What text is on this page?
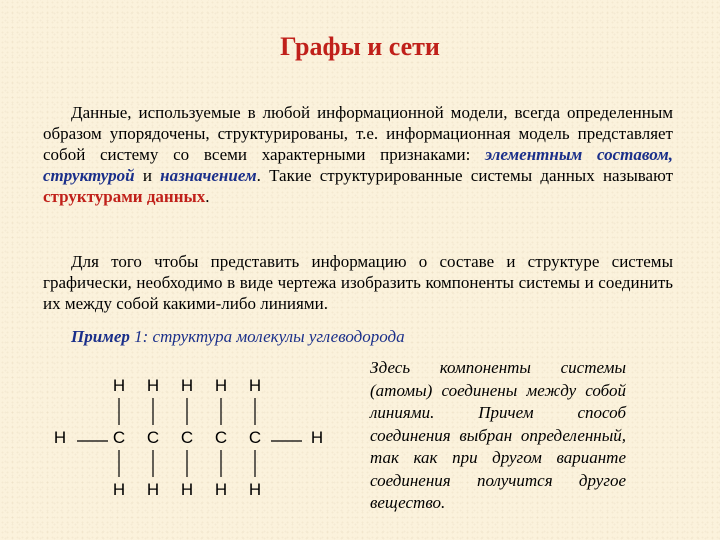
Графы и сети

Данные, используемые в любой информационной модели, всегда определенным образом упорядочены, структурированы, т.е. информационная модель представляет собой систему со всеми характерными признаками: элементным составом, структурой и назначением. Такие структурированные системы данных называют структурами данных.

Для того чтобы представить информацию о составе и структуре системы графически, необходимо в виде чертежа изобразить компоненты системы и соединить их между собой какими-либо линиями.

Пример 1: структура молекулы углеводорода
H H H H H
H	C C C C C	H
H H H H H

Здесь компоненты системы (атомы) соединены между собой линиями. Причем способ соединения выбран определенный, так как при другом варианте соединения получится другое вещество.
